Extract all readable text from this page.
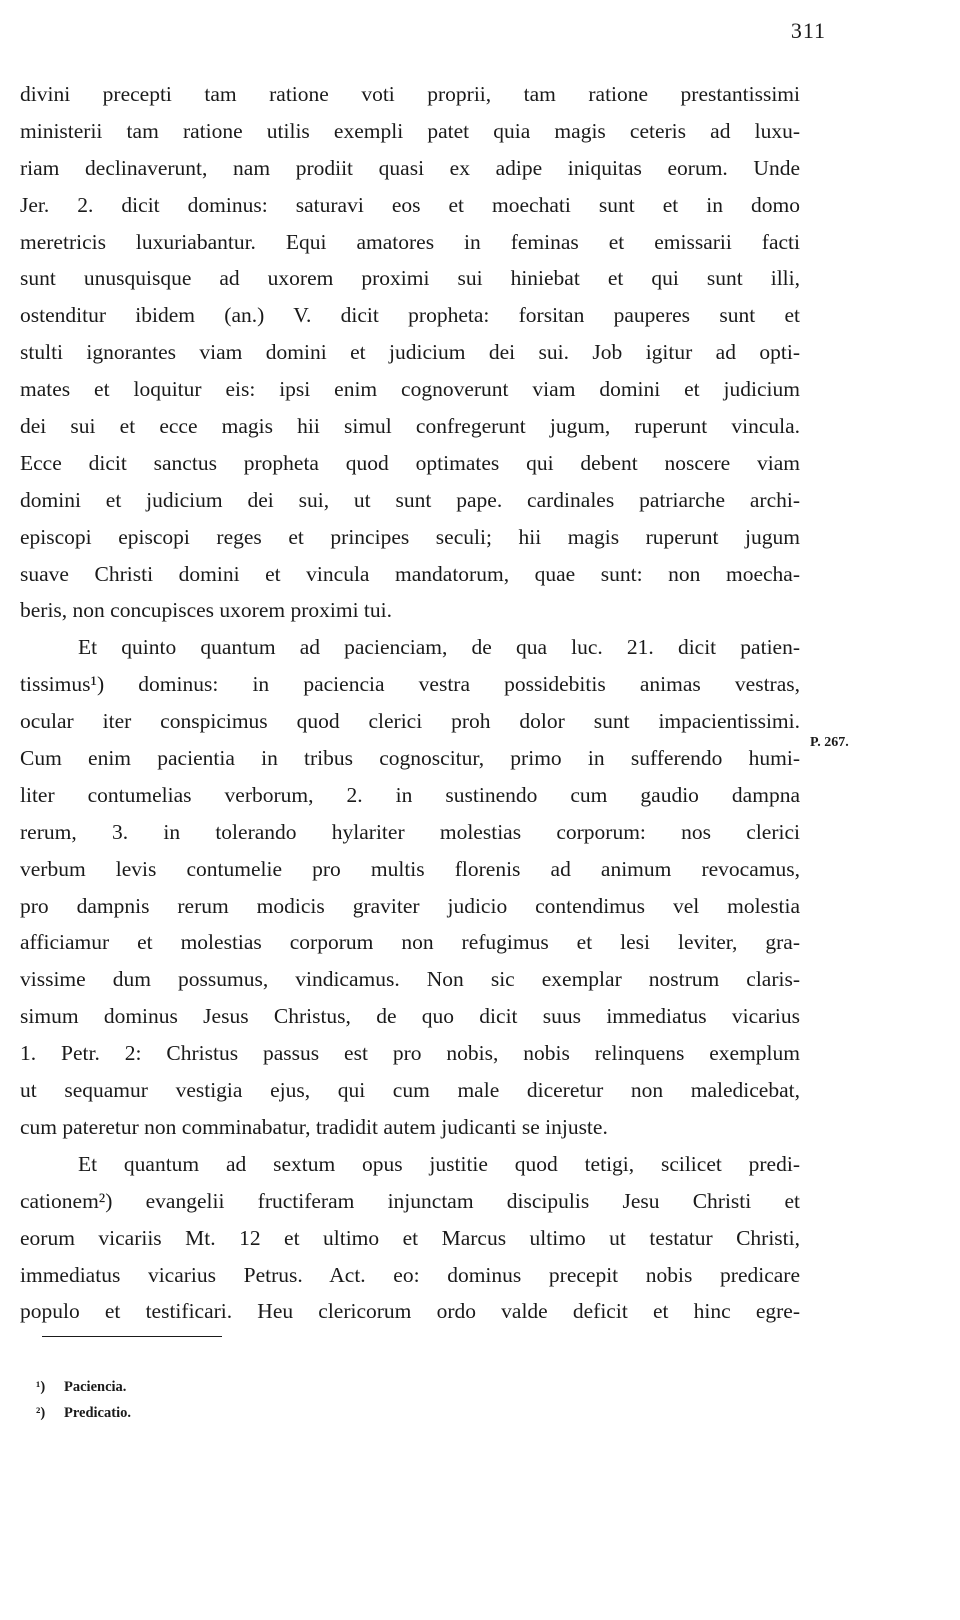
311
divini precepti tam ratione voti proprii, tam ratione prestantissimi
ministerii tam ratione utilis exempli patet quia magis ceteris ad luxu-
riam declinaverunt, nam prodiit quasi ex adipe iniquitas eorum. Unde
Jer. 2. dicit dominus: saturavi eos et moechati sunt et in domo
meretricis luxuriabantur. Equi amatores in feminas et emissarii facti
sunt unusquisque ad uxorem proximi sui hiniebat et qui sunt illi,
ostenditur ibidem (an.) V. dicit propheta: forsitan pauperes sunt et
stulti ignorantes viam domini et judicium dei sui. Job igitur ad opti-
mates et loquitur eis: ipsi enim cognoverunt viam domini et judicium
dei sui et ecce magis hii simul confregerunt jugum, ruperunt vincula.
Ecce dicit sanctus propheta quod optimates qui debent noscere viam
domini et judicium dei sui, ut sunt pape. cardinales patriarche archi-
episcopi episcopi reges et principes seculi; hii magis ruperunt jugum
suave Christi domini et vincula mandatorum, quae sunt: non moecha-
beris, non concupisces uxorem proximi tui.
Et quinto quantum ad pacienciam, de qua luc. 21. dicit patien-
tissimus¹) dominus: in paciencia vestra possidebitis animas vestras,
ocular iter conspicimus quod clerici proh dolor sunt impacientissimi.
Cum enim pacientia in tribus cognoscitur, primo in sufferendo humi-
liter contumelias verborum, 2. in sustinendo cum gaudio dampna
rerum, 3. in tolerando hylariter molestias corporum: nos clerici
verbum levis contumelie pro multis florenis ad animum revocamus,
pro dampnis rerum modicis graviter judicio contendimus vel molestia
afficiamur et molestias corporum non refugimus et lesi leviter, gra-
vissime dum possumus, vindicamus. Non sic exemplar nostrum claris-
simum dominus Jesus Christus, de quo dicit suus immediatus vicarius
1. Petr. 2: Christus passus est pro nobis, nobis relinquens exemplum
ut sequamur vestigia ejus, qui cum male diceretur non maledicebat,
cum pateretur non comminabatur, tradidit autem judicanti se injuste.
Et quantum ad sextum opus justitie quod tetigi, scilicet predi-
cationem²) evangelii fructiferam injunctam discipulis Jesu Christi et
eorum vicariis Mt. 12 et ultimo et Marcus ultimo ut testatur Christi,
immediatus vicarius Petrus. Act. eo: dominus precepit nobis predicare
populo et testificari. Heu clericorum ordo valde deficit et hinc egre-
P. 267.
¹) Paciencia.
²) Predicatio.
